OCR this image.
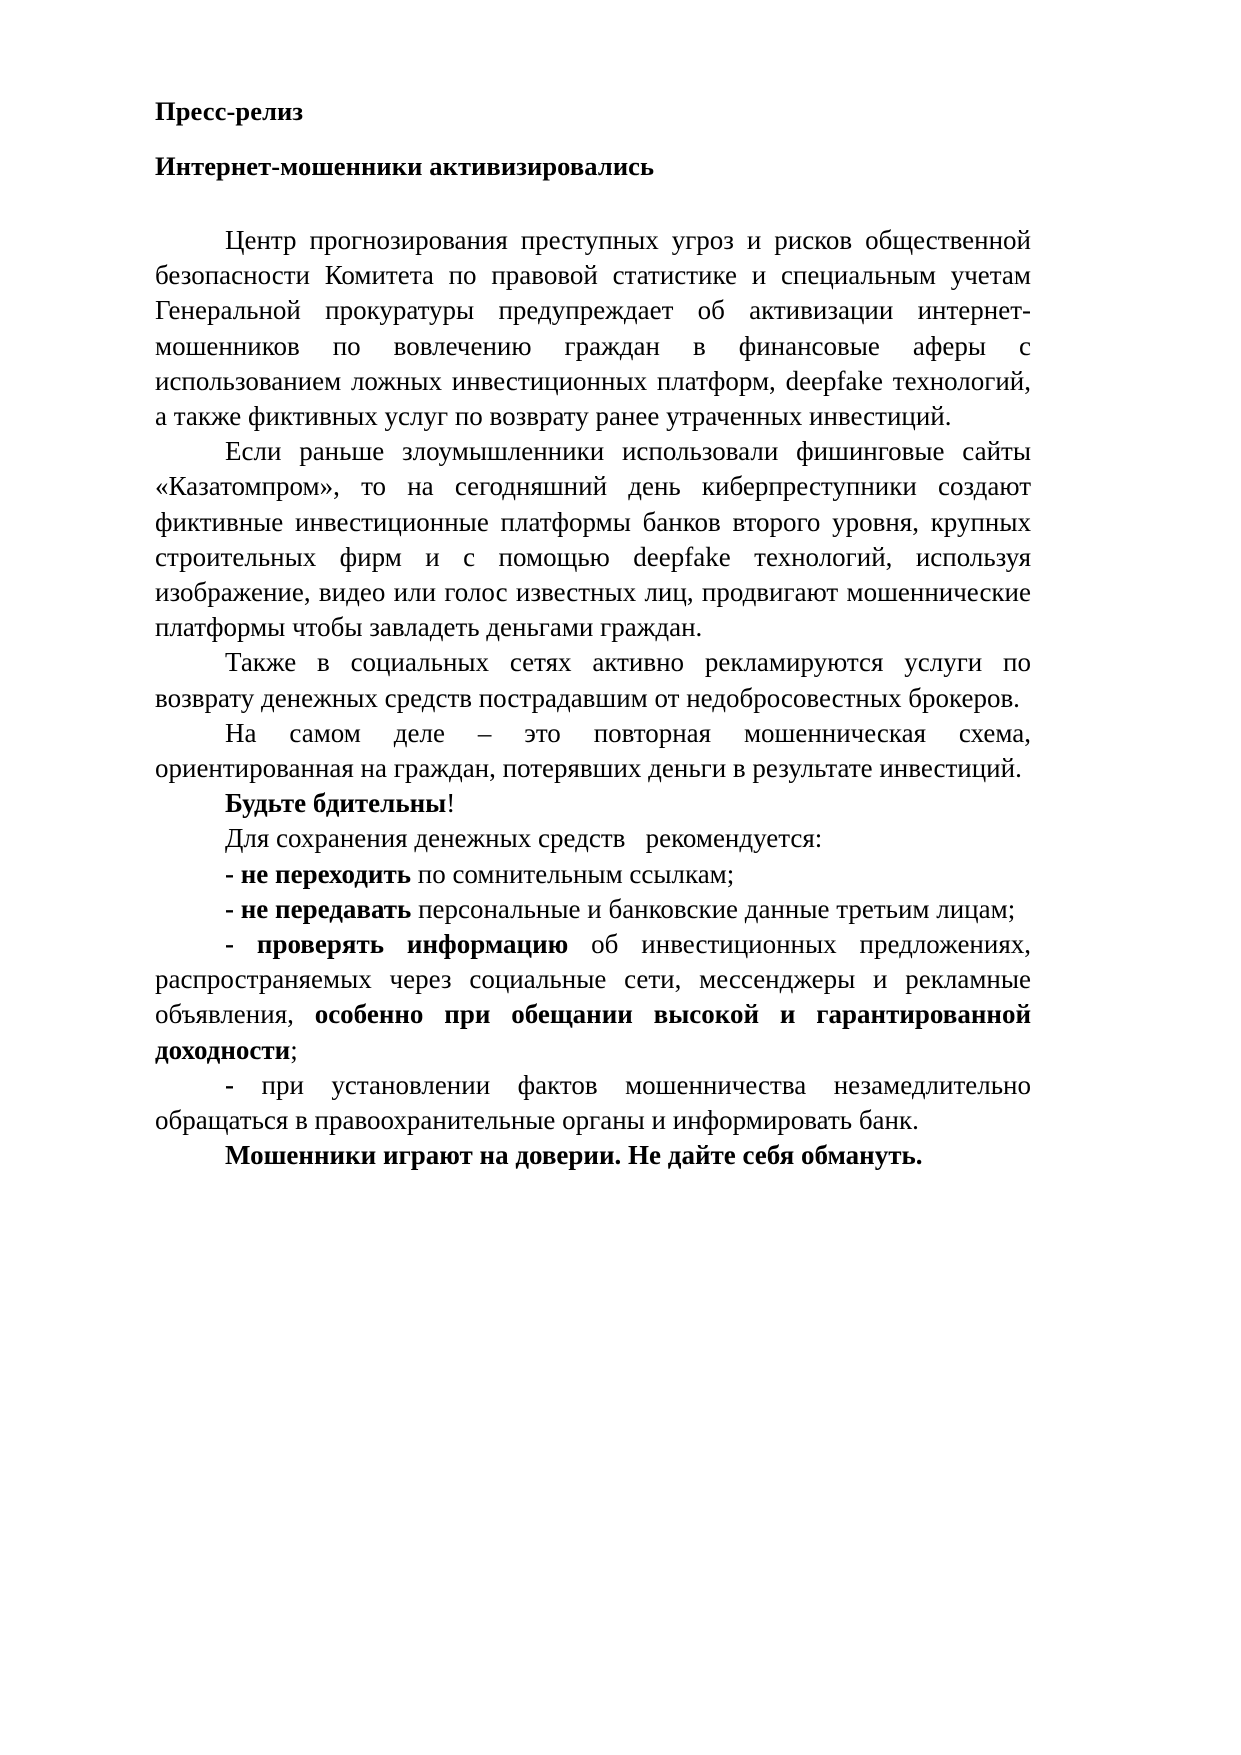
Пресс-релиз
Интернет-мошенники активизировались

Центр прогнозирования преступных угроз и рисков общественной безопасности Комитета по правовой статистике и специальным учетам Генеральной прокуратуры предупреждает об активизации интернет-мошенников по вовлечению граждан в финансовые аферы с использованием ложных инвестиционных платформ, deepfake технологий, а также фиктивных услуг по возврату ранее утраченных инвестиций.

Если раньше злоумышленники использовали фишинговые сайты «Казатомпром», то на сегодняшний день киберпреступники создают фиктивные инвестиционные платформы банков второго уровня, крупных строительных фирм и с помощью deepfake технологий, используя изображение, видео или голос известных лиц, продвигают мошеннические платформы чтобы завладеть деньгами граждан.

Также в социальных сетях активно рекламируются услуги по возврату денежных средств пострадавшим от недобросовестных брокеров.

На самом деле – это повторная мошенническая схема, ориентированная на граждан, потерявших деньги в результате инвестиций.

Будьте бдительны!

Для сохранения денежных средств рекомендуется:

- не переходить по сомнительным ссылкам;

- не передавать персональные и банковские данные третьим лицам;

- проверять информацию об инвестиционных предложениях, распространяемых через социальные сети, мессенджеры и рекламные объявления, особенно при обещании высокой и гарантированной доходности;

- при установлении фактов мошенничества незамедлительно обращаться в правоохранительные органы и информировать банк.

Мошенники играют на доверии. Не дайте себя обмануть.
